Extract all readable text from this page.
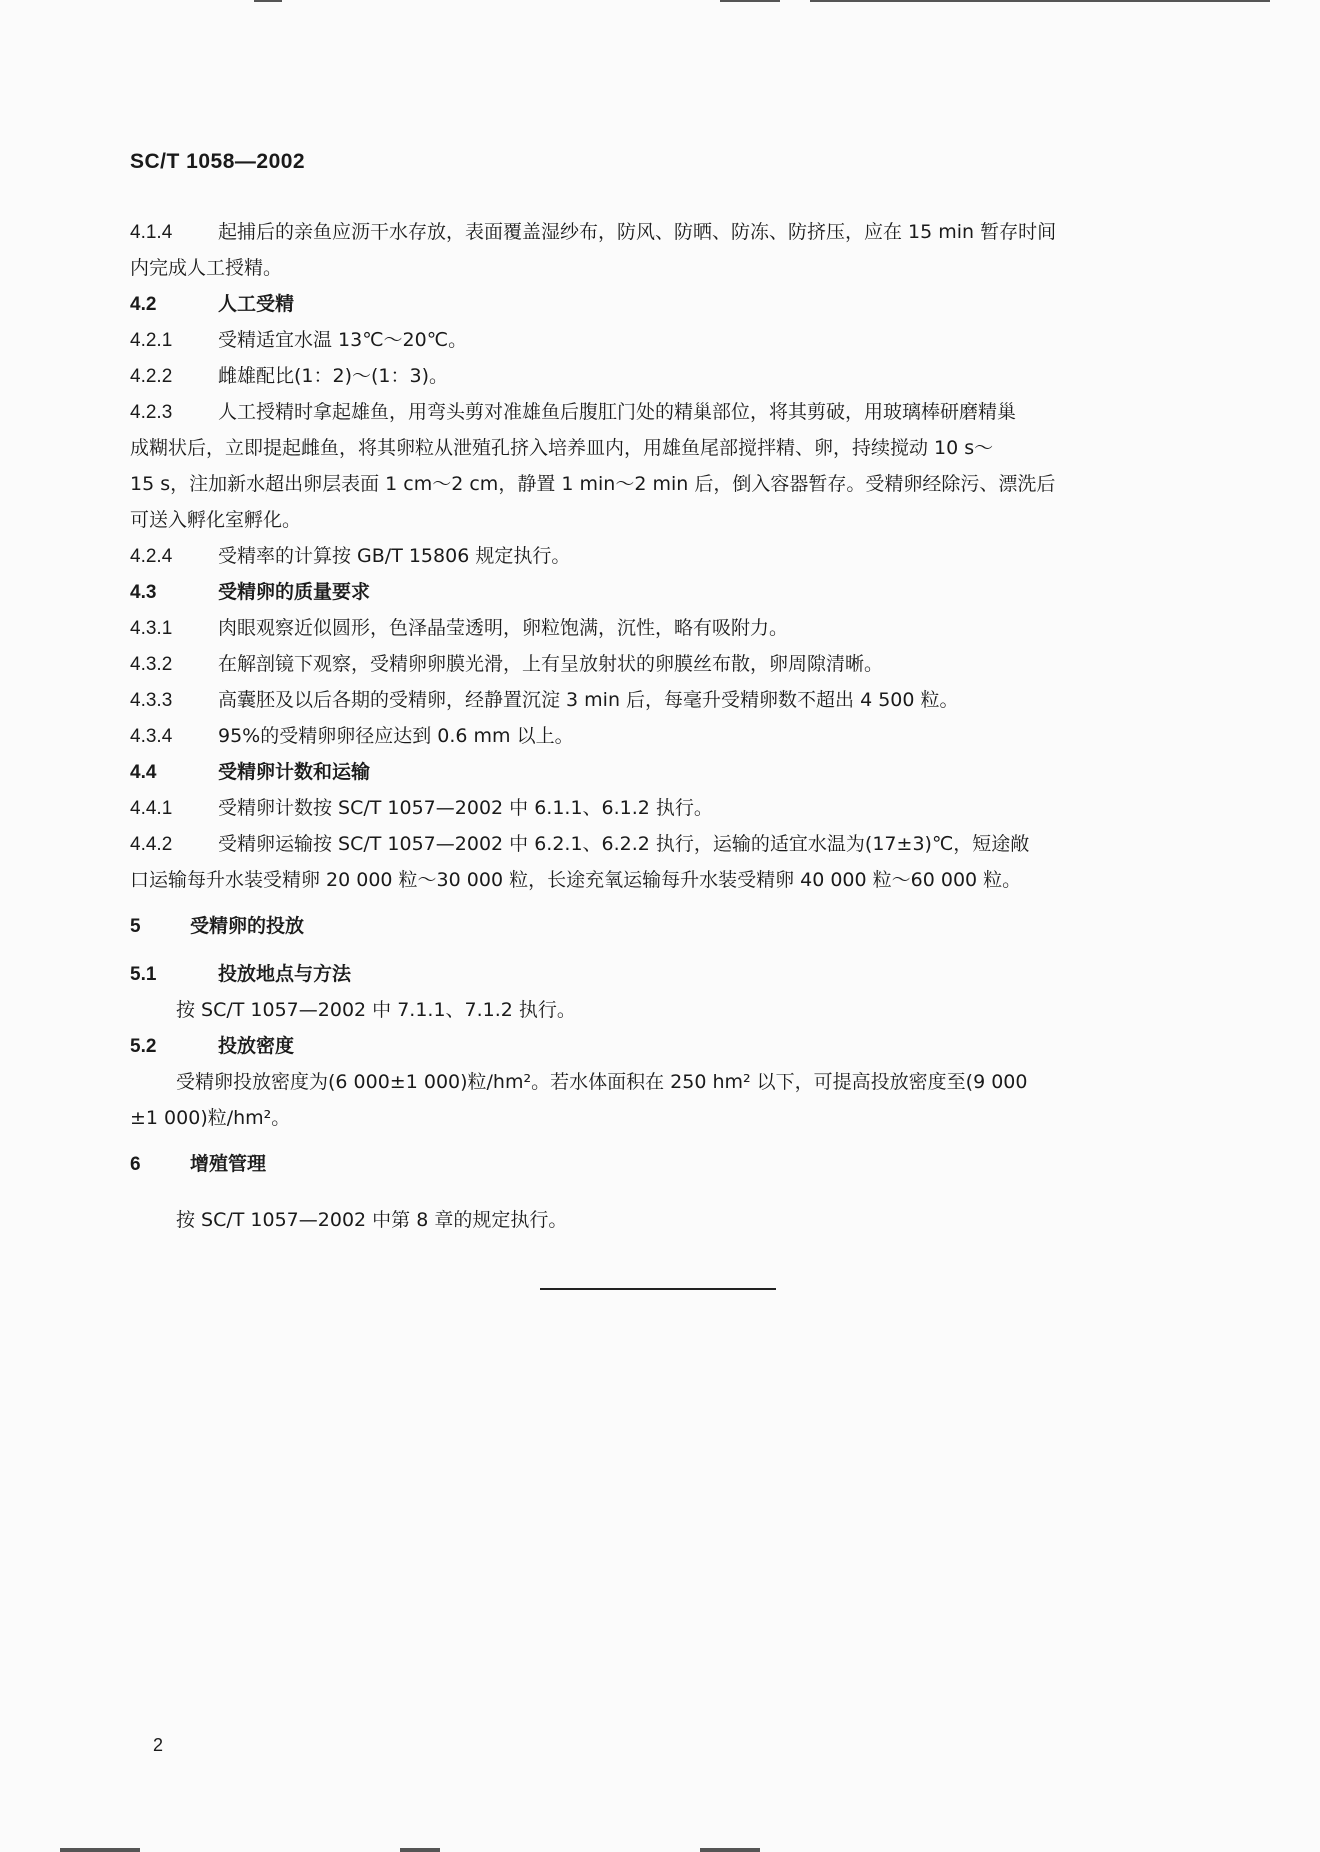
SC/T 1058—2002
4.1.4 起捕后的亲鱼应沥干水存放，表面覆盖湿纱布，防风、防晒、防冻、防挤压，应在 15 min 暂存时间
内完成人工授精。
4.2	人工受精
4.2.1 受精适宜水温 13℃～20℃。
4.2.2 雌雄配比(1：2)～(1：3)。
4.2.3 人工授精时拿起雄鱼，用弯头剪对准雄鱼后腹肛门处的精巢部位，将其剪破，用玻璃棒研磨精巢
成糊状后，立即提起雌鱼，将其卵粒从泄殖孔挤入培养皿内，用雄鱼尾部搅拌精、卵，持续搅动 10 s～
15 s，注加新水超出卵层表面 1 cm～2 cm，静置 1 min～2 min 后，倒入容器暂存。受精卵经除污、漂洗后
可送入孵化室孵化。
4.2.4 受精率的计算按 GB/T 15806 规定执行。
4.3	受精卵的质量要求
4.3.1 肉眼观察近似圆形，色泽晶莹透明，卵粒饱满，沉性，略有吸附力。
4.3.2 在解剖镜下观察，受精卵卵膜光滑，上有呈放射状的卵膜丝布散，卵周隙清晰。
4.3.3 高囊胚及以后各期的受精卵，经静置沉淀 3 min 后，每毫升受精卵数不超出 4 500 粒。
4.3.4 95%的受精卵卵径应达到 0.6 mm 以上。
4.4	受精卵计数和运输
4.4.1 受精卵计数按 SC/T 1057—2002 中 6.1.1、6.1.2 执行。
4.4.2 受精卵运输按 SC/T 1057—2002 中 6.2.1、6.2.2 执行，运输的适宜水温为(17±3)℃，短途敞
口运输每升水装受精卵 20 000 粒～30 000 粒，长途充氧运输每升水装受精卵 40 000 粒～60 000 粒。
5	受精卵的投放
5.1	投放地点与方法
按 SC/T 1057—2002 中 7.1.1、7.1.2 执行。
5.2	投放密度
受精卵投放密度为(6 000±1 000)粒/hm²。若水体面积在 250 hm² 以下，可提高投放密度至(9 000
±1 000)粒/hm²。
6	增殖管理
按 SC/T 1057—2002 中第 8 章的规定执行。
2
